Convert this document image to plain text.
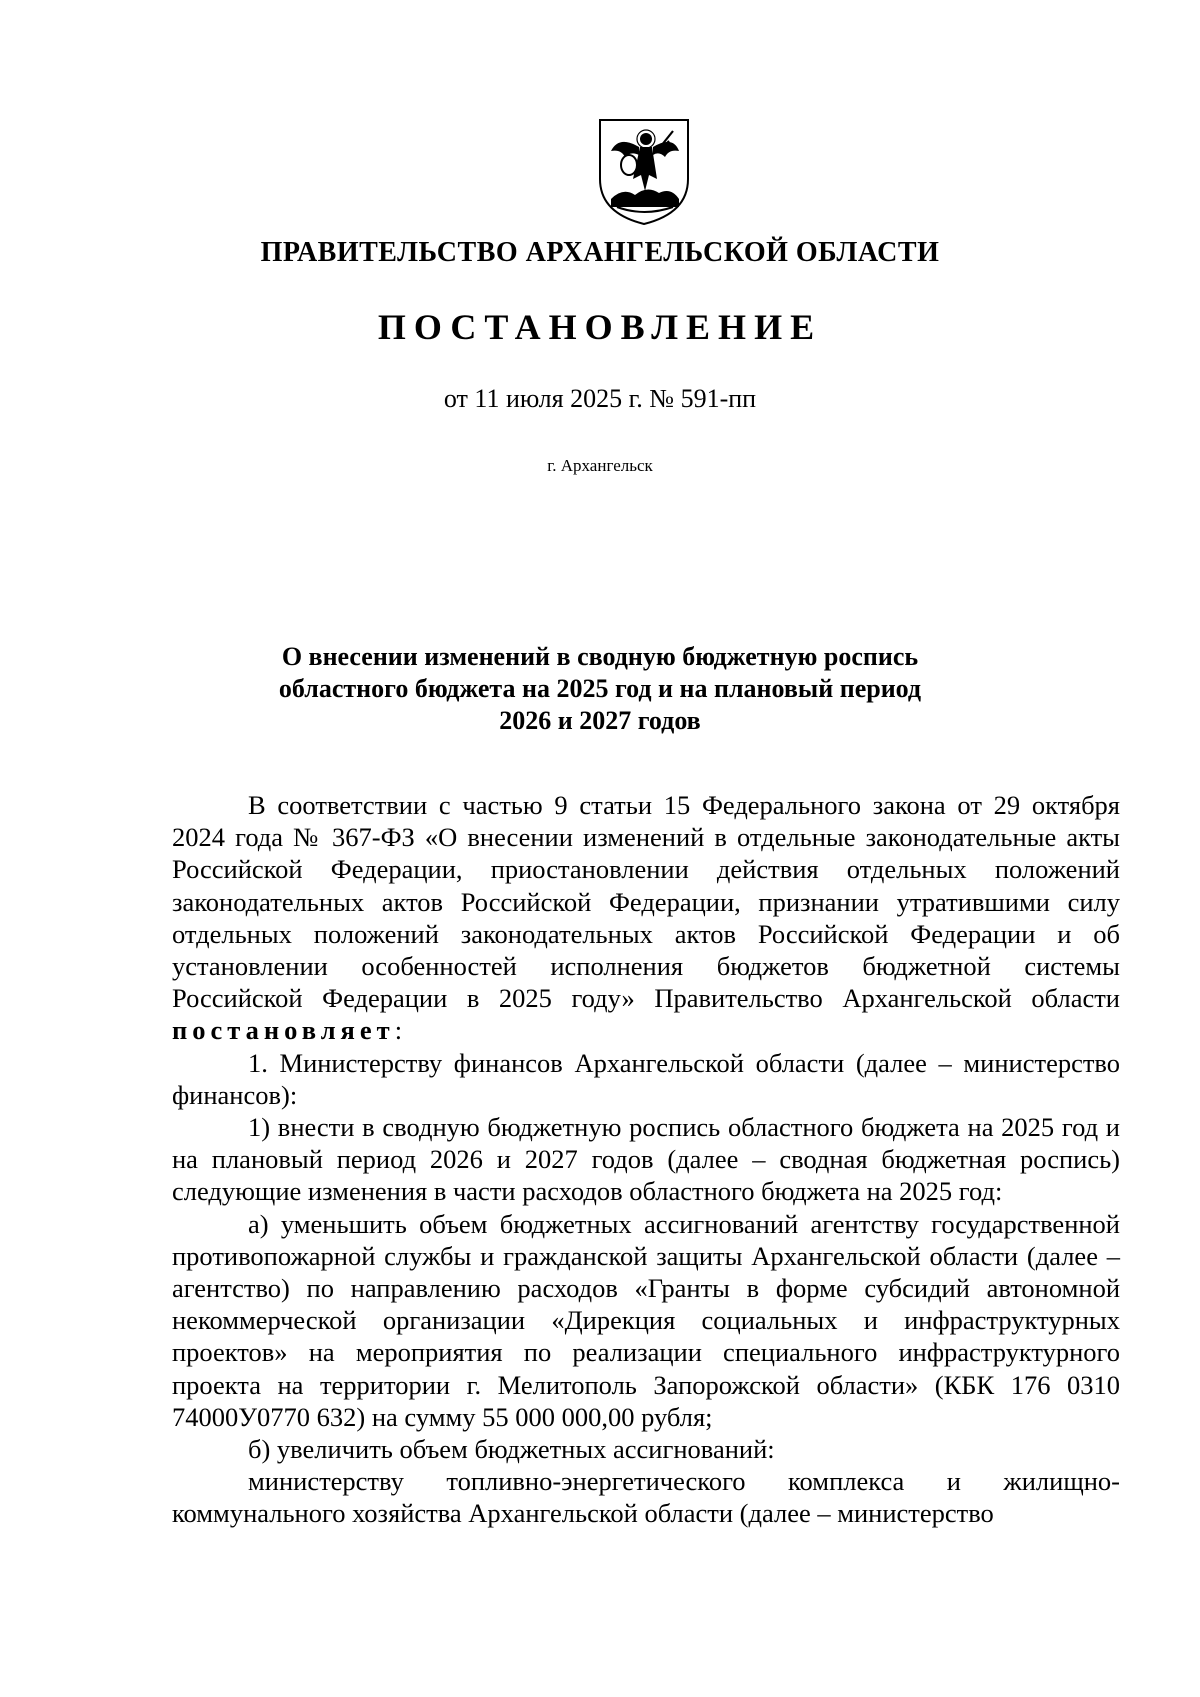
ПРАВИТЕЛЬСТВО АРХАНГЕЛЬСКОЙ ОБЛАСТИ
ПОСТАНОВЛЕНИЕ
от 11 июля 2025 г. № 591-пп
г. Архангельск
О внесении изменений в сводную бюджетную роспись
областного бюджета на 2025 год и на плановый период
2026 и 2027 годов
В соответствии с частью 9 статьи 15 Федерального закона от 29 октября 2024 года № 367-ФЗ «О внесении изменений в отдельные законодательные акты Российской Федерации, приостановлении действия отдельных положений законодательных актов Российской Федерации, признании утратившими силу отдельных положений законодательных актов Российской Федерации и об установлении особенностей исполнения бюджетов бюджетной системы Российской Федерации в 2025 году» Правительство Архангельской области постановляет:
1. Министерству финансов Архангельской области (далее – министерство финансов):
1) внести в сводную бюджетную роспись областного бюджета на 2025 год и на плановый период 2026 и 2027 годов (далее – сводная бюджетная роспись) следующие изменения в части расходов областного бюджета на 2025 год:
а) уменьшить объем бюджетных ассигнований агентству государственной противопожарной службы и гражданской защиты Архангельской области (далее – агентство) по направлению расходов «Гранты в форме субсидий автономной некоммерческой организации «Дирекция социальных и инфраструктурных проектов» на мероприятия по реализации специального инфраструктурного проекта на территории г. Мелитополь Запорожской области» (КБК 176 0310 74000У0770 632) на сумму 55 000 000,00 рубля;
б) увеличить объем бюджетных ассигнований:
министерству топливно-энергетического комплекса и жилищно-коммунального хозяйства Архангельской области (далее – министерство
